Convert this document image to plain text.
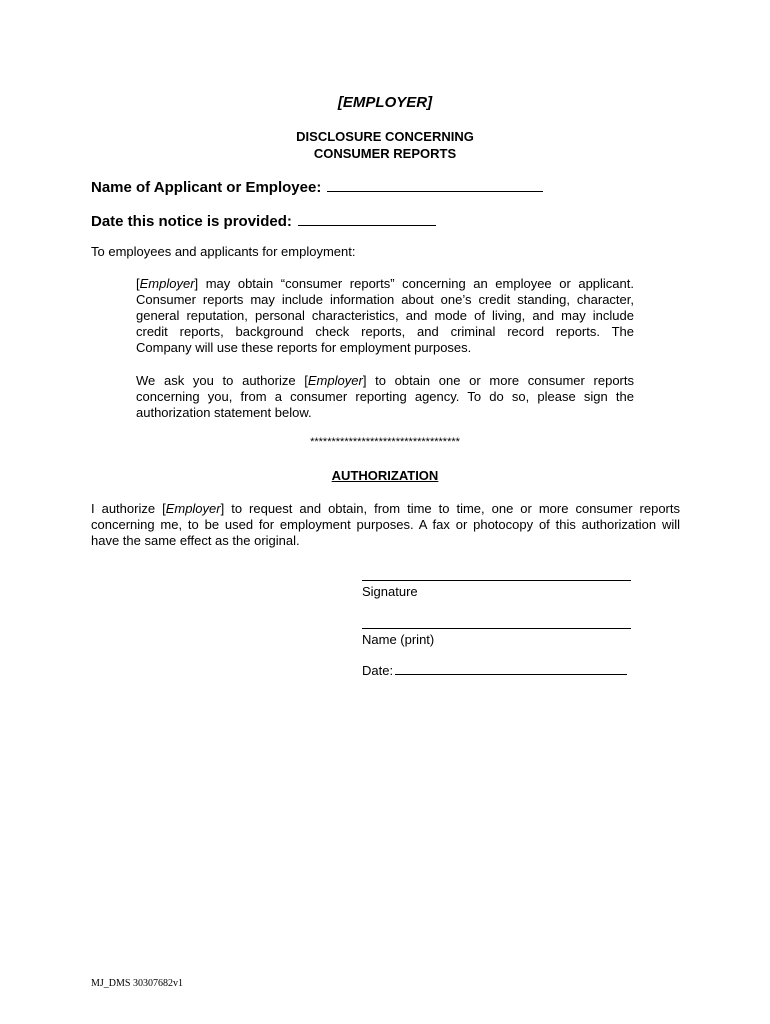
[EMPLOYER]
DISCLOSURE CONCERNING
CONSUMER REPORTS
Name of Applicant or Employee:
Date this notice is provided:
To employees and applicants for employment:
[Employer] may obtain “consumer reports” concerning an employee or applicant.
Consumer reports may include information about one’s credit standing, character,
general reputation, personal characteristics, and mode of living, and may include
credit reports, background check reports, and criminal record reports. The
Company will use these reports for employment purposes.
We ask you to authorize [Employer] to obtain one or more consumer reports
concerning you, from a consumer reporting agency. To do so, please sign the
authorization statement below.
***********************************
AUTHORIZATION
I authorize [Employer] to request and obtain, from time to time, one or more consumer reports
concerning me, to be used for employment purposes. A fax or photocopy of this authorization will
have the same effect as the original.
Signature
Name (print)
Date:
MJ_DMS 30307682v1
